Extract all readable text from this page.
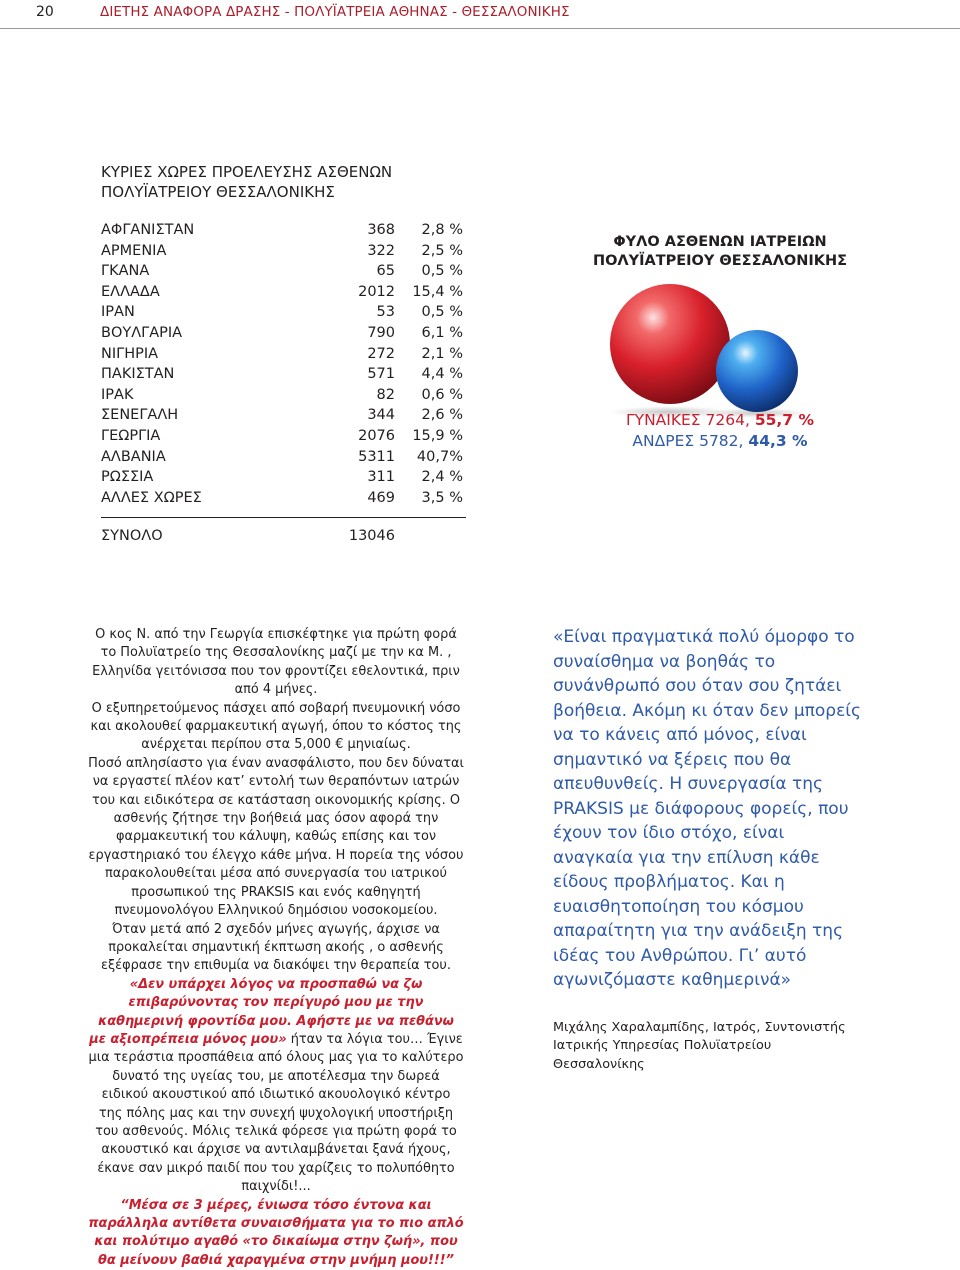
20	ΔΙΕΤΗΣ ΑΝΑΦΟΡΑ ΔΡΑΣΗΣ - ΠΟΛΥΪΑΤΡΕΙΑ ΑΘΗΝΑΣ - ΘΕΣΣΑΛΟΝΙΚΗΣ
ΚΥΡΙΕΣ ΧΩΡΕΣ ΠΡΟΕΛΕΥΣΗΣ ΑΣΘΕΝΩΝ
ΠΟΛΥΪΑΤΡΕΙΟΥ ΘΕΣΣΑΛΟΝΙΚΗΣ
ΑΦΓΑΝΙΣΤΑΝ	368 2,8 %
ΑΡΜΕΝΙΑ	322 2,5 %
ΓΚΑΝΑ	65 0,5 %
ΕΛΛΑΔΑ	2012 15,4 %
ΙΡΑΝ	53 0,5 %
ΒΟΥΛΓΑΡΙΑ	790 6,1 %
ΝΙΓΗΡΙΑ	272 2,1 %
ΠΑΚΙΣΤΑΝ	571 4,4 %
ΙΡΑΚ	82 0,6 %
ΣΕΝΕΓΑΛΗ	344 2,6 %
ΓΕΩΡΓΙΑ	2076 15,9 %
ΑΛΒΑΝΙΑ	5311 40,7%
ΡΩΣΣΙΑ	311 2,4 %
ΑΛΛΕΣ ΧΩΡΕΣ	469 3,5 %
ΣΥΝΟΛΟ	13046
ΦΥΛΟ ΑΣΘΕΝΩΝ ΙΑΤΡΕΙΩΝ
ΠΟΛΥΪΑΤΡΕΙΟΥ ΘΕΣΣΑΛΟΝΙΚΗΣ
ΓΥΝΑΙΚΕΣ 7264, 55,7 %
ΑΝΔΡΕΣ 5782, 44,3 %

Ο κος Ν. από την Γεωργία επισκέφτηκε για πρώτη φορά το Πολυϊατρείο της Θεσσαλονίκης μαζί με την κα Μ. , Ελληνίδα γειτόνισσα που τον φροντίζει εθελοντικά, πριν από 4 μήνες.

Ο εξυπηρετούμενος πάσχει από σοβαρή πνευμονική νόσο και ακολουθεί φαρμακευτική αγωγή, όπου το κόστος της ανέρχεται περίπου στα 5,000 € μηνιαίως.

Ποσό απλησίαστο για έναν ανασφάλιστο, που δεν δύναται να εργαστεί πλέον κατ’ εντολή των θεραπόντων ιατρών του και ειδικότερα σε κατάσταση οικονομικής κρίσης. Ο ασθενής ζήτησε την βοήθειά μας όσον αφορά την φαρμακευτική του κάλυψη, καθώς επίσης και τον εργαστηριακό του έλεγχο κάθε μήνα. Η πορεία της νόσου παρακολουθείται μέσα από συνεργασία του ιατρικού προσωπικού της PRAKSIS και ενός καθηγητή πνευμονολόγου Ελληνικού δημόσιου νοσοκομείου.

Όταν μετά από 2 σχεδόν μήνες αγωγής, άρχισε να προκαλείται σημαντική έκπτωση ακοής , ο ασθενής εξέφρασε την επιθυμία να διακόψει την θεραπεία του.

«Δεν υπάρχει λόγος να προσπαθώ να ζω επιβαρύνοντας τον περίγυρό μου με την καθημερινή φροντίδα μου. Αφήστε με να πεθάνω με αξιοπρέπεια μόνος μου» ήταν τα λόγια του… Έγινε μια τεράστια προσπάθεια από όλους μας για το καλύτερο δυνατό της υγείας του, με αποτέλεσμα την δωρεά ειδικού ακουστικού από ιδιωτικό ακουολογικό κέντρο της πόλης μας και την συνεχή ψυχολογική υποστήριξη του ασθενούς. Μόλις τελικά φόρεσε για πρώτη φορά το ακουστικό και άρχισε να αντιλαμβάνεται ξανά ήχους, έκανε σαν μικρό παιδί που του χαρίζεις το πολυπόθητο παιχνίδι!...

“Μέσα σε 3 μέρες, ένιωσα τόσο έντονα και παράλληλα αντίθετα συναισθήματα για το πιο απλό και πολύτιμο αγαθό «το δικαίωμα στην ζωή», που θα μείνουν βαθιά χαραγμένα στην μνήμη μου!!!”

«Είναι πραγματικά πολύ όμορφο το συναίσθημα να βοηθάς το συνάνθρωπό σου όταν σου ζητάει βοήθεια. Ακόμη κι όταν δεν μπορείς να το κάνεις από μόνος, είναι σημαντικό να ξέρεις που θα απευθυνθείς. Η συνεργασία της PRAKSIS με διάφορους φορείς, που έχουν τον ίδιο στόχο, είναι αναγκαία για την επίλυση κάθε είδους προβλήματος. Και η ευαισθητοποίηση του κόσμου απαραίτητη για την ανάδειξη της ιδέας του Ανθρώπου. Γι’ αυτό αγωνιζόμαστε καθημερινά»
Μιχάλης Χαραλαμπίδης, Ιατρός, Συντονιστής Ιατρικής Υπηρεσίας Πολυϊατρείου Θεσσαλονίκης
